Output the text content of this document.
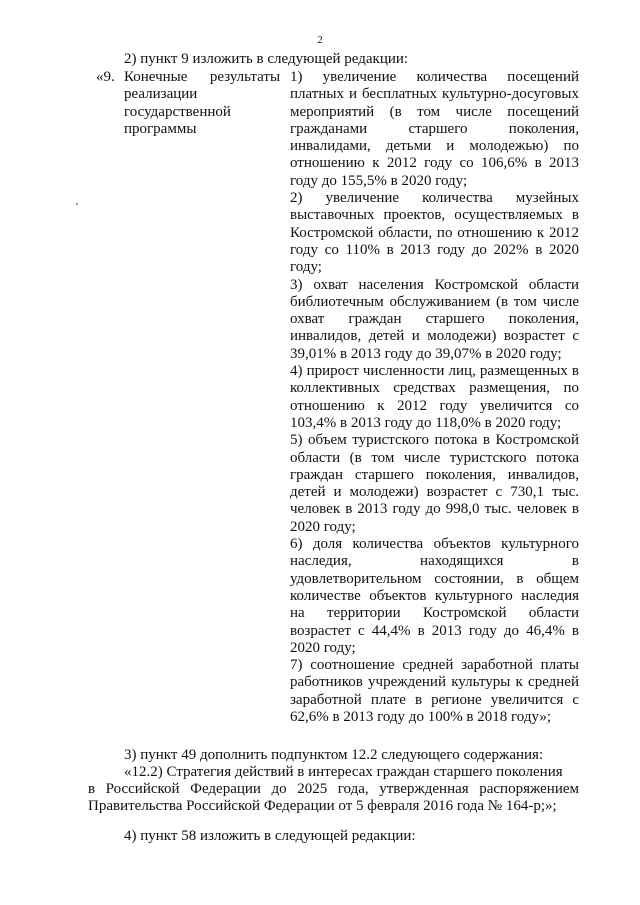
2
2) пункт 9 изложить в следующей редакции:
«9. Конечные      результаты
реализации
государственной
программы

1) увеличение количества посещений платных и бесплатных культурно-досуговых мероприятий (в том числе посещений гражданами старшего поколения, инвалидами, детьми и молодежью) по отношению к 2012 году со 106,6% в 2013 году до 155,5% в 2020 году;

2) увеличение количества музейных выставочных проектов, осуществляемых в Костромской области, по отношению к 2012 году со 110% в 2013 году до 202% в 2020 году;

3) охват населения Костромской области библиотечным обслуживанием (в том числе охват граждан старшего поколения, инвалидов, детей и молодежи) возрастет с 39,01% в 2013 году до 39,07% в 2020 году;

4) прирост численности лиц, размещенных в коллективных средствах размещения, по отношению к 2012 году увеличится со 103,4% в 2013 году до 118,0% в 2020 году;

5) объем туристского потока в Костромской области (в том числе туристского потока граждан старшего поколения, инвалидов, детей и молодежи) возрастет с 730,1 тыс. человек в 2013 году до 998,0 тыс. человек в 2020 году;

6) доля количества объектов культурного наследия, находящихся в удовлетворительном состоянии, в общем количестве объектов культурного наследия на территории Костромской области возрастет с 44,4% в 2013 году до 46,4% в 2020 году;

7) соотношение средней заработной платы работников учреждений культуры к средней заработной плате в регионе увеличится с 62,6% в 2013 году до 100% в 2018 году»;

3) пункт 49 дополнить подпунктом 12.2 следующего содержания:
«12.2) Стратегия действий в интересах граждан старшего поколения
в Российской Федерации до 2025 года, утвержденная распоряжением
Правительства Российской Федерации от 5 февраля 2016 года № 164-р;»;
4) пункт 58 изложить в следующей редакции:
